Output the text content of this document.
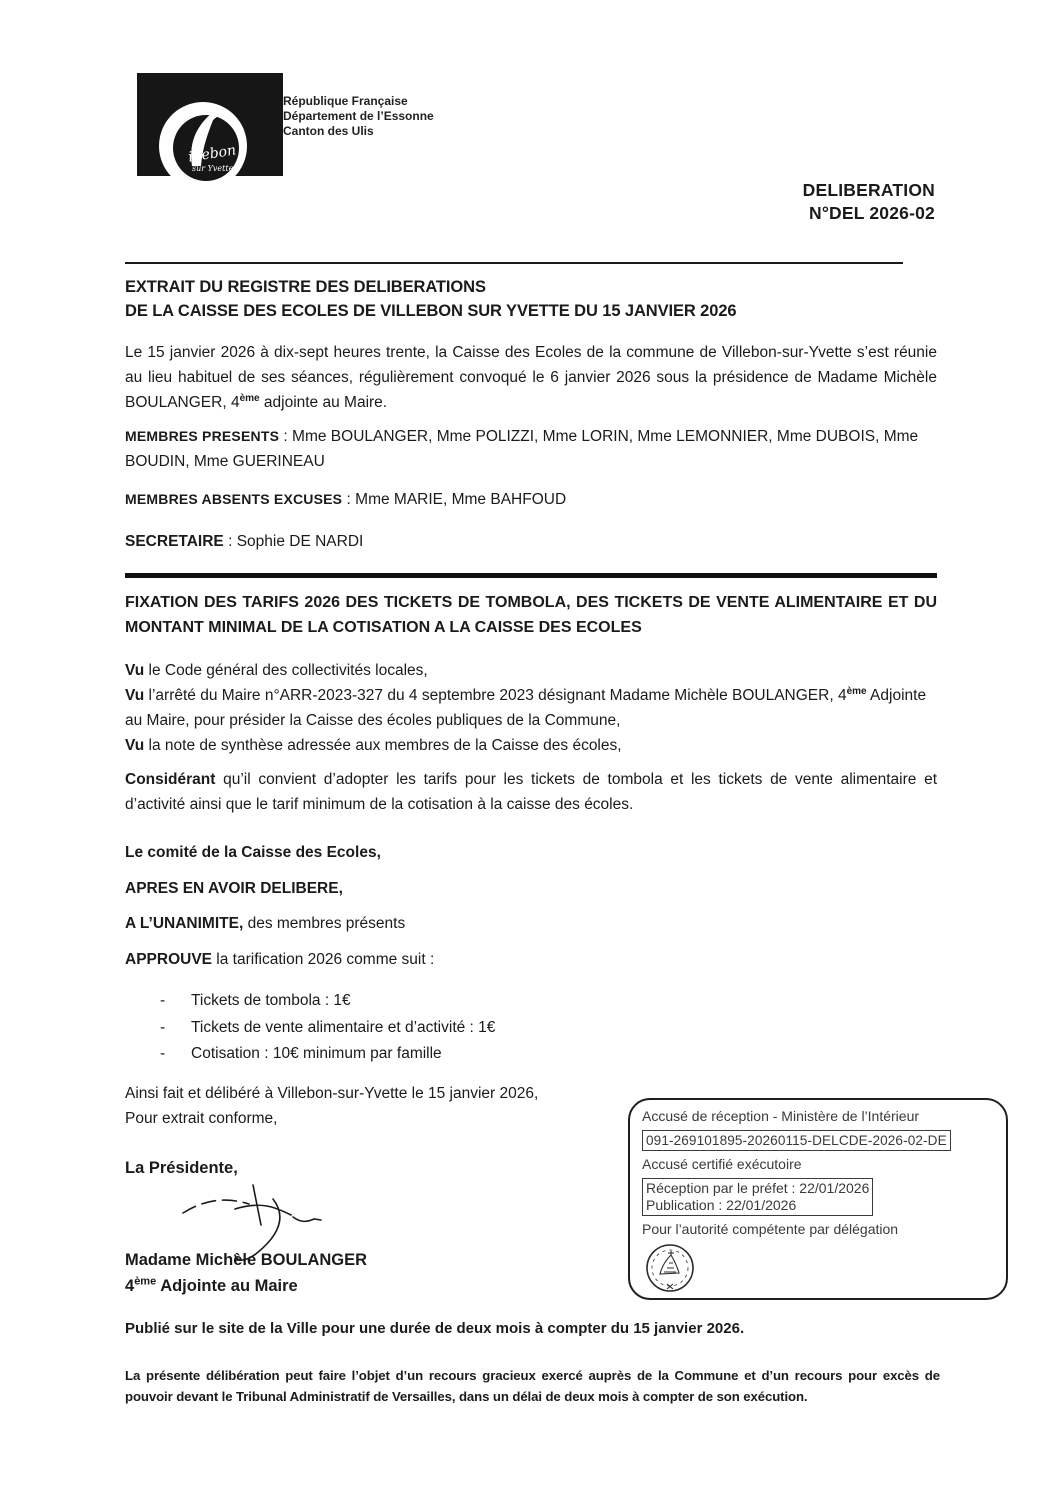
illebon
sur Yvette
République Française
Département de l’Essonne
Canton des Ulis
DELIBERATION
N°DEL 2026-02
EXTRAIT DU REGISTRE DES DELIBERATIONS
DE LA CAISSE DES ECOLES DE VILLEBON SUR YVETTE DU 15 JANVIER 2026

Le 15 janvier 2026 à dix-sept heures trente, la Caisse des Ecoles de la commune de Villebon-sur-Yvette s’est réunie au lieu habituel de ses séances, régulièrement convoqué le 6 janvier 2026 sous la présidence de Madame Michèle BOULANGER, 4ème adjointe au Maire.

MEMBRES PRESENTS : Mme BOULANGER, Mme POLIZZI, Mme LORIN, Mme LEMONNIER, Mme DUBOIS, Mme BOUDIN, Mme GUERINEAU

MEMBRES ABSENTS EXCUSES : Mme MARIE, Mme BAHFOUD

SECRETAIRE : Sophie DE NARDI

FIXATION DES TARIFS 2026 DES TICKETS DE TOMBOLA, DES TICKETS DE VENTE ALIMENTAIRE ET DU MONTANT MINIMAL DE LA COTISATION A LA CAISSE DES ECOLES

Vu le Code général des collectivités locales,
Vu l’arrêté du Maire n°ARR-2023-327 du 4 septembre 2023 désignant Madame Michèle BOULANGER, 4ème Adjointe au Maire, pour présider la Caisse des écoles publiques de la Commune,
Vu la note de synthèse adressée aux membres de la Caisse des écoles,

Considérant qu’il convient d’adopter les tarifs pour les tickets de tombola et les tickets de vente alimentaire et d’activité ainsi que le tarif minimum de la cotisation à la caisse des écoles.

Le comité de la Caisse des Ecoles,

APRES EN AVOIR DELIBERE,

A L’UNANIMITE, des membres présents

APPROUVE la tarification 2026 comme suit :

-	Tickets de tombola : 1€
-	Tickets de vente alimentaire et d’activité : 1€
-	Cotisation : 10€ minimum par famille
Ainsi fait et délibéré à Villebon-sur-Yvette le 15 janvier 2026,
Pour extrait conforme,

La Présidente,

Madame Michèle BOULANGER
4ème Adjointe au Maire
Accusé de réception - Ministère de l’Intérieur
091-269101895-20260115-DELCDE-2026-02-DE
Accusé certifié exécutoire
Réception par le préfet : 22/01/2026
Publication : 22/01/2026
Pour l’autorité compétente par délégation

Publié sur le site de la Ville pour une durée de deux mois à compter du 15 janvier 2026.

La présente délibération peut faire l’objet d’un recours gracieux exercé auprès de la Commune et d’un recours pour excès de pouvoir devant le Tribunal Administratif de Versailles, dans un délai de deux mois à compter de son exécution.
